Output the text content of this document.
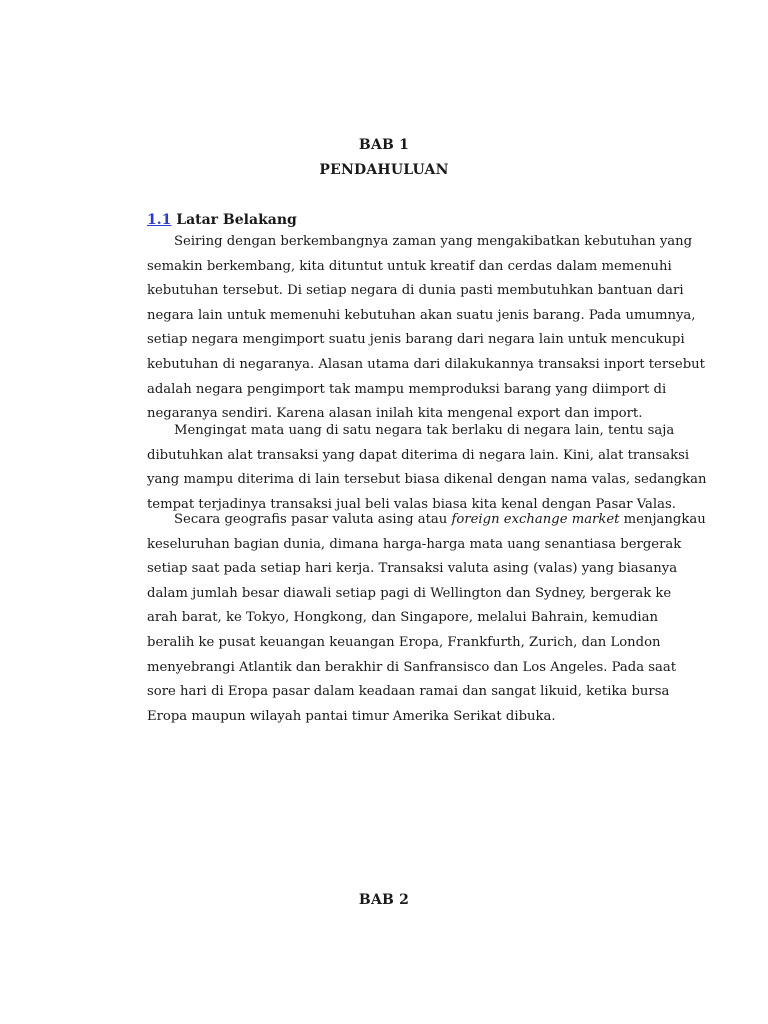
BAB 1
PENDAHULUAN
1.1 Latar Belakang
Seiring dengan berkembangnya zaman yang mengakibatkan kebutuhan yang
semakin berkembang, kita dituntut untuk kreatif dan cerdas dalam memenuhi
kebutuhan tersebut. Di setiap negara di dunia pasti membutuhkan bantuan dari
negara lain untuk memenuhi kebutuhan akan suatu jenis barang. Pada umumnya,
setiap negara mengimport suatu jenis barang dari negara lain untuk mencukupi
kebutuhan di negaranya. Alasan utama dari dilakukannya transaksi inport tersebut
adalah negara pengimport tak mampu memproduksi barang yang diimport di
negaranya sendiri. Karena alasan inilah kita mengenal export dan import.
Mengingat mata uang di satu negara tak berlaku di negara lain, tentu saja
dibutuhkan alat transaksi yang dapat diterima di negara lain. Kini, alat transaksi
yang mampu diterima di lain tersebut biasa dikenal dengan nama valas, sedangkan
tempat terjadinya transaksi jual beli valas biasa kita kenal dengan Pasar Valas.
Secara geografis pasar valuta asing atau foreign exchange market menjangkau
keseluruhan bagian dunia, dimana harga-harga mata uang senantiasa bergerak
setiap saat pada setiap hari kerja. Transaksi valuta asing (valas) yang biasanya
dalam jumlah besar diawali setiap pagi di Wellington dan Sydney, bergerak ke
arah barat, ke Tokyo, Hongkong, dan Singapore, melalui Bahrain, kemudian
beralih ke pusat keuangan keuangan Eropa, Frankfurth, Zurich, dan London
menyebrangi Atlantik dan berakhir di Sanfransisco dan Los Angeles. Pada saat
sore hari di Eropa pasar dalam keadaan ramai dan sangat likuid, ketika bursa
Eropa maupun wilayah pantai timur Amerika Serikat dibuka.
BAB 2
